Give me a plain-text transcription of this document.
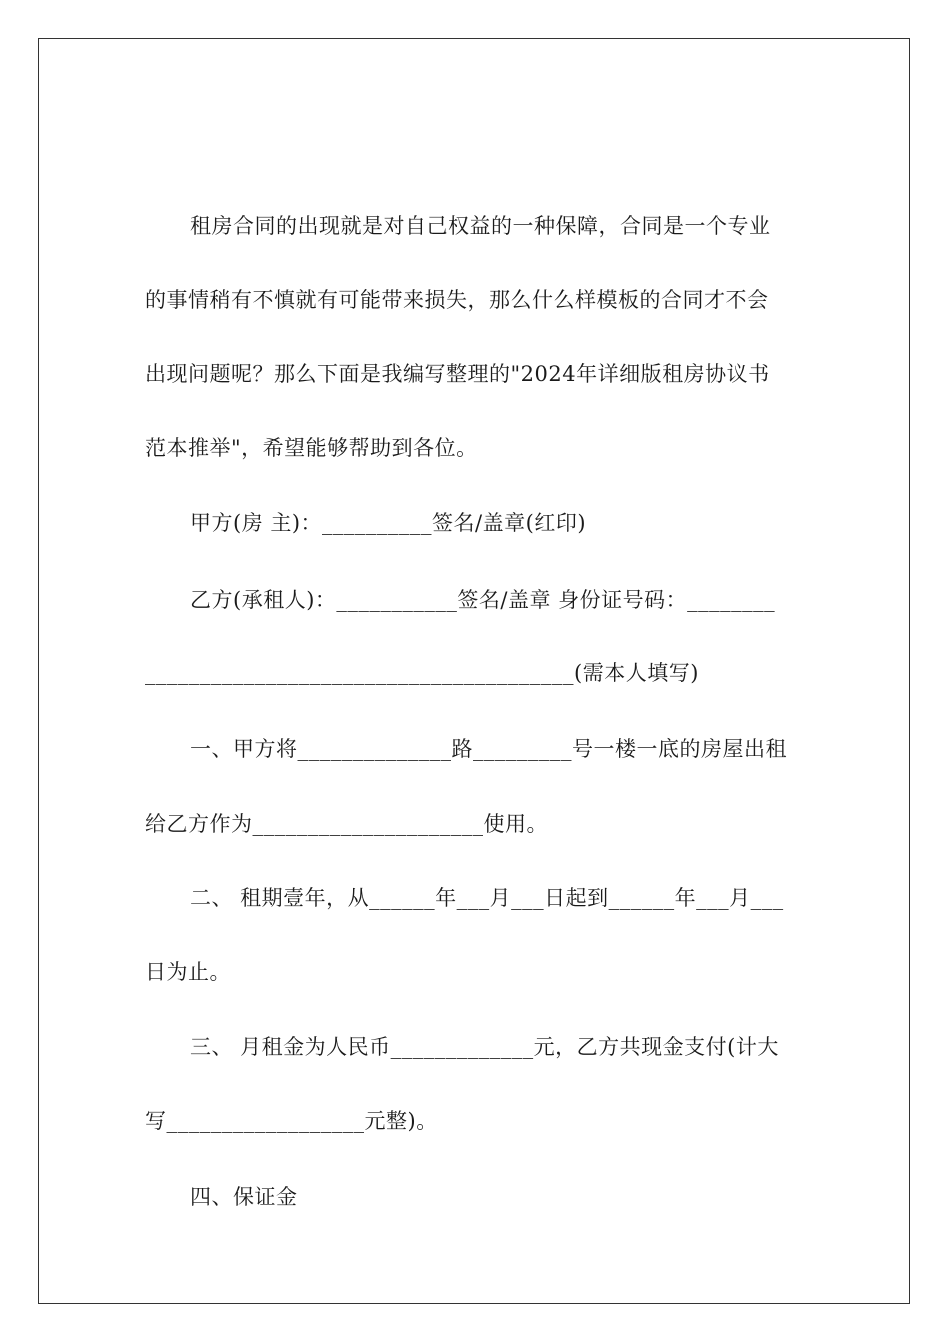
租房合同的出现就是对自己权益的一种保障，合同是一个专业
的事情稍有不慎就有可能带来损失，那么什么样模板的合同才不会
出现问题呢？那么下面是我编写整理的"2024年详细版租房协议书
范本推举"，希望能够帮助到各位。
甲方(房 主)：__________签名/盖章(红印)
乙方(承租人)：___________签名/盖章 身份证号码：________
_______________________________________(需本人填写)
一、甲方将______________路_________号一楼一底的房屋出租
给乙方作为_____________________使用。
二、 租期壹年，从______年___月___日起到______年___月___
日为止。
三、 月租金为人民币_____________元，乙方共现金支付(计大
写__________________元整)。
四、保证金
